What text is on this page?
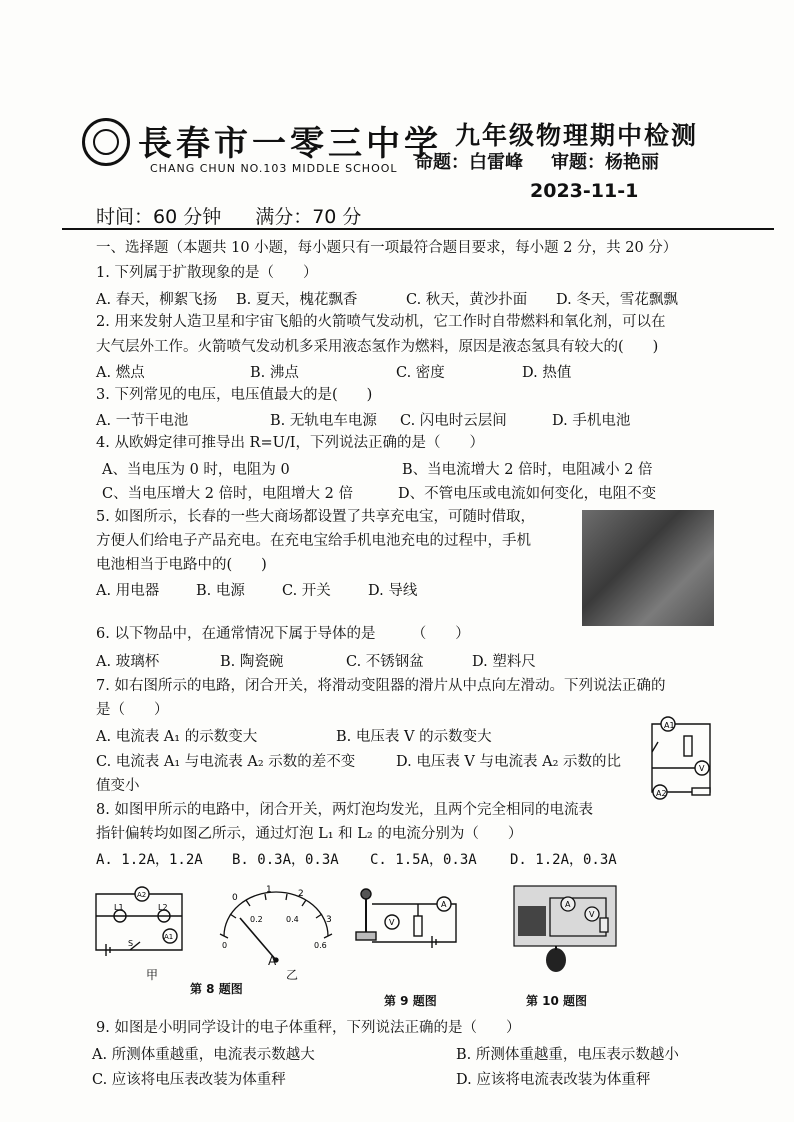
長春市一零三中学
CHANG CHUN NO.103 MIDDLE SCHOOL
九年级物理期中检测
命题：白雷峰 审题：杨艳丽
2023-11-1
时间：60 分钟 满分：70 分
一、选择题（本题共 10 小题，每小题只有一项最符合题目要求，每小题 2 分，共 20 分）
1. 下列属于扩散现象的是（　　）
A. 春天，柳絮飞扬 B. 夏天，槐花飘香	C. 秋天，黄沙扑面 D. 冬天，雪花飘飘
2. 用来发射人造卫星和宇宙飞船的火箭喷气发动机，它工作时自带燃料和氧化剂，可以在
大气层外工作。火箭喷气发动机多采用液态氢作为燃料，原因是液态氢具有较大的(　　)
A. 燃点	B. 沸点	C. 密度	D. 热值
3. 下列常见的电压，电压值最大的是(　　)
A. 一节干电池	B. 无轨电车电源 C. 闪电时云层间	D. 手机电池
4. 从欧姆定律可推导出 R=U/I，下列说法正确的是（　　）
A、当电压为 0 时，电阻为 0	B、当电流增大 2 倍时，电阻减小 2 倍
C、当电压增大 2 倍时，电阻增大 2 倍	D、不管电压或电流如何变化，电阻不变
5. 如图所示，长春的一些大商场都设置了共享充电宝，可随时借取，
方便人们给电子产品充电。在充电宝给手机电池充电的过程中，手机
电池相当于电路中的(　　)
A. 用电器	B. 电源	C. 开关	D. 导线
6. 以下物品中，在通常情况下属于导体的是　　　（　　）
A. 玻璃杯	B. 陶瓷碗	C. 不锈钢盆	D. 塑料尺
7. 如右图所示的电路，闭合开关，将滑动变阻器的滑片从中点向左滑动。下列说法正确的
是（　　）
A. 电流表 A₁ 的示数变大	B. 电压表 V 的示数变大
C. 电流表 A₁ 与电流表 A₂ 示数的差不变	D. 电压表 V 与电流表 A₂ 示数的比
值变小
A1
V
A2
8. 如图甲所示的电路中，闭合开关，两灯泡均发光，且两个完全相同的电流表
指针偏转均如图乙所示，通过灯泡 L₁ 和 L₂ 的电流分别为（　　）
A. 1.2A，1.2A B. 0.3A，0.3A C. 1.5A，0.3A D. 1.2A，0.3A
A2
A1
L1	L2
S
甲
0
1	2
3
0
0.2	0.4
0.6
A
乙
第 8 题图
V
A
第 9 题图
A
V
第 10 题图
9. 如图是小明同学设计的电子体重秤，下列说法正确的是（　　）
A. 所测体重越重，电流表示数越大	B. 所测体重越重，电压表示数越小
C. 应该将电压表改装为体重秤	D. 应该将电流表改装为体重秤
